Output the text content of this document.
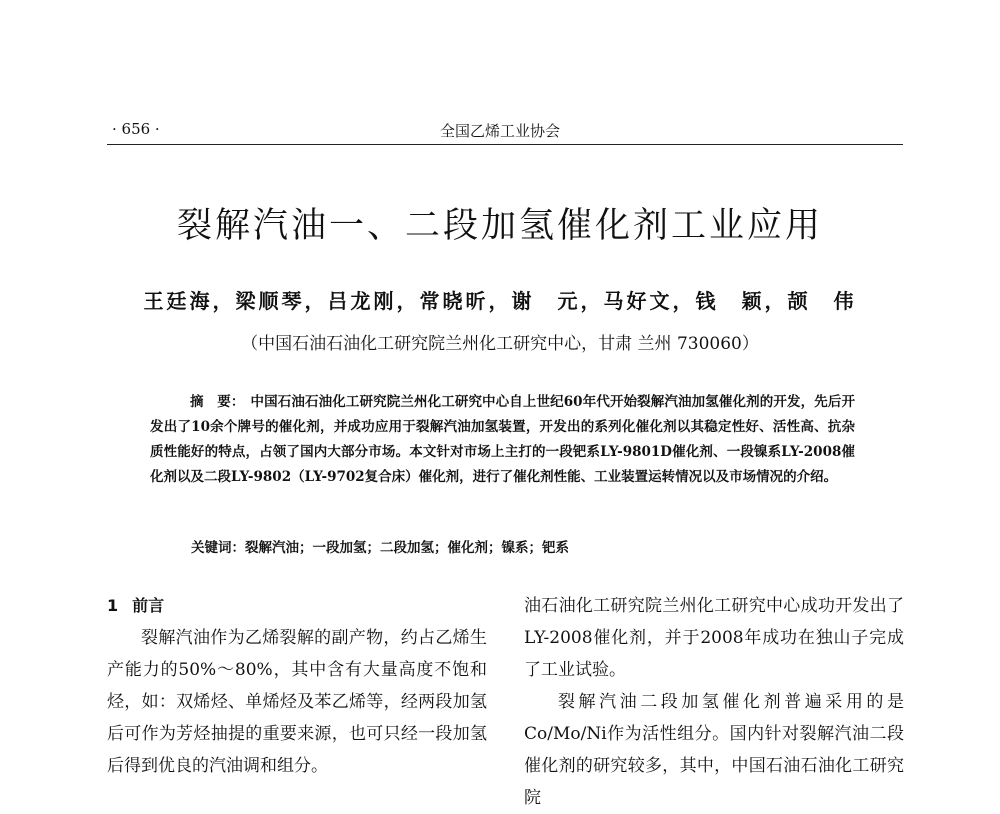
· 656 ·	全国乙烯工业协会
裂解汽油一、二段加氢催化剂工业应用
王廷海，梁顺琴，吕龙刚，常晓昕，谢　元，马好文，钱　颖，颉　伟
（中国石油石油化工研究院兰州化工研究中心，甘肃 兰州 730060）
摘　要： 中国石油石油化工研究院兰州化工研究中心自上世纪60年代开始裂解汽油加氢催化剂的开发，先后开发出了10余个牌号的催化剂，并成功应用于裂解汽油加氢装置，开发出的系列化催化剂以其稳定性好、活性高、抗杂质性能好的特点，占领了国内大部分市场。本文针对市场上主打的一段钯系LY-9801D催化剂、一段镍系LY-2008催化剂以及二段LY-9802（LY-9702复合床）催化剂，进行了催化剂性能、工业装置运转情况以及市场情况的介绍。
关键词：裂解汽油；一段加氢；二段加氢；催化剂；镍系；钯系
1 前言

裂解汽油作为乙烯裂解的副产物，约占乙烯生产能力的50%～80%，其中含有大量高度不饱和烃，如：双烯烃、单烯烃及苯乙烯等，经两段加氢后可作为芳烃抽提的重要来源，也可只经一段加氢后得到优良的汽油调和组分。

油石油化工研究院兰州化工研究中心成功开发出了LY-2008催化剂，并于2008年成功在独山子完成了工业试验。

裂解汽油二段加氢催化剂普遍采用的是Co/Mo/Ni作为活性组分。国内针对裂解汽油二段催化剂的研究较多，其中，中国石油石油化工研究院
